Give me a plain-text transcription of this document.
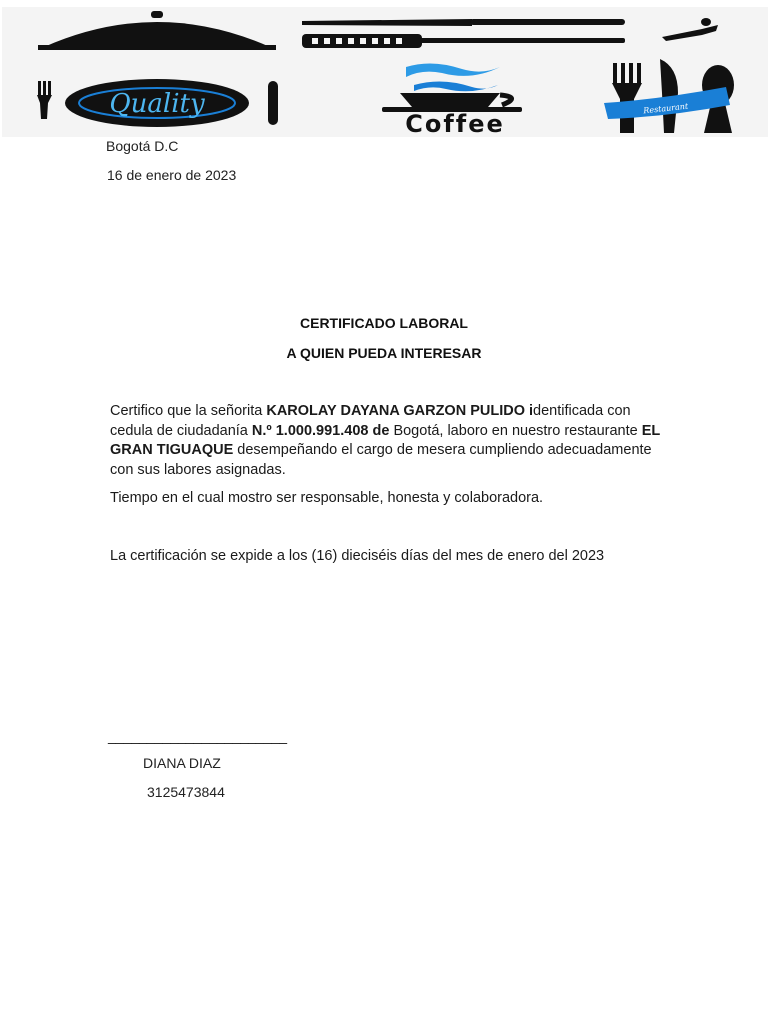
Quality
Coffee
Restaurant
Bogotá D.C
16 de enero de 2023
CERTIFICADO LABORAL
A QUIEN PUEDA INTERESAR
Certifico que la señorita KAROLAY DAYANA GARZON PULIDO identificada con cedula de ciudadanía N.º 1.000.991.408 de Bogotá, laboro en nuestro restaurante EL GRAN TIGUAQUE desempeñando el cargo de mesera cumpliendo adecuadamente con sus labores asignadas.
Tiempo en el cual mostro ser responsable, honesta y colaboradora.
La certificación se expide a los (16) dieciséis días del mes de enero del 2023
_______________________
DIANA DIAZ
3125473844
